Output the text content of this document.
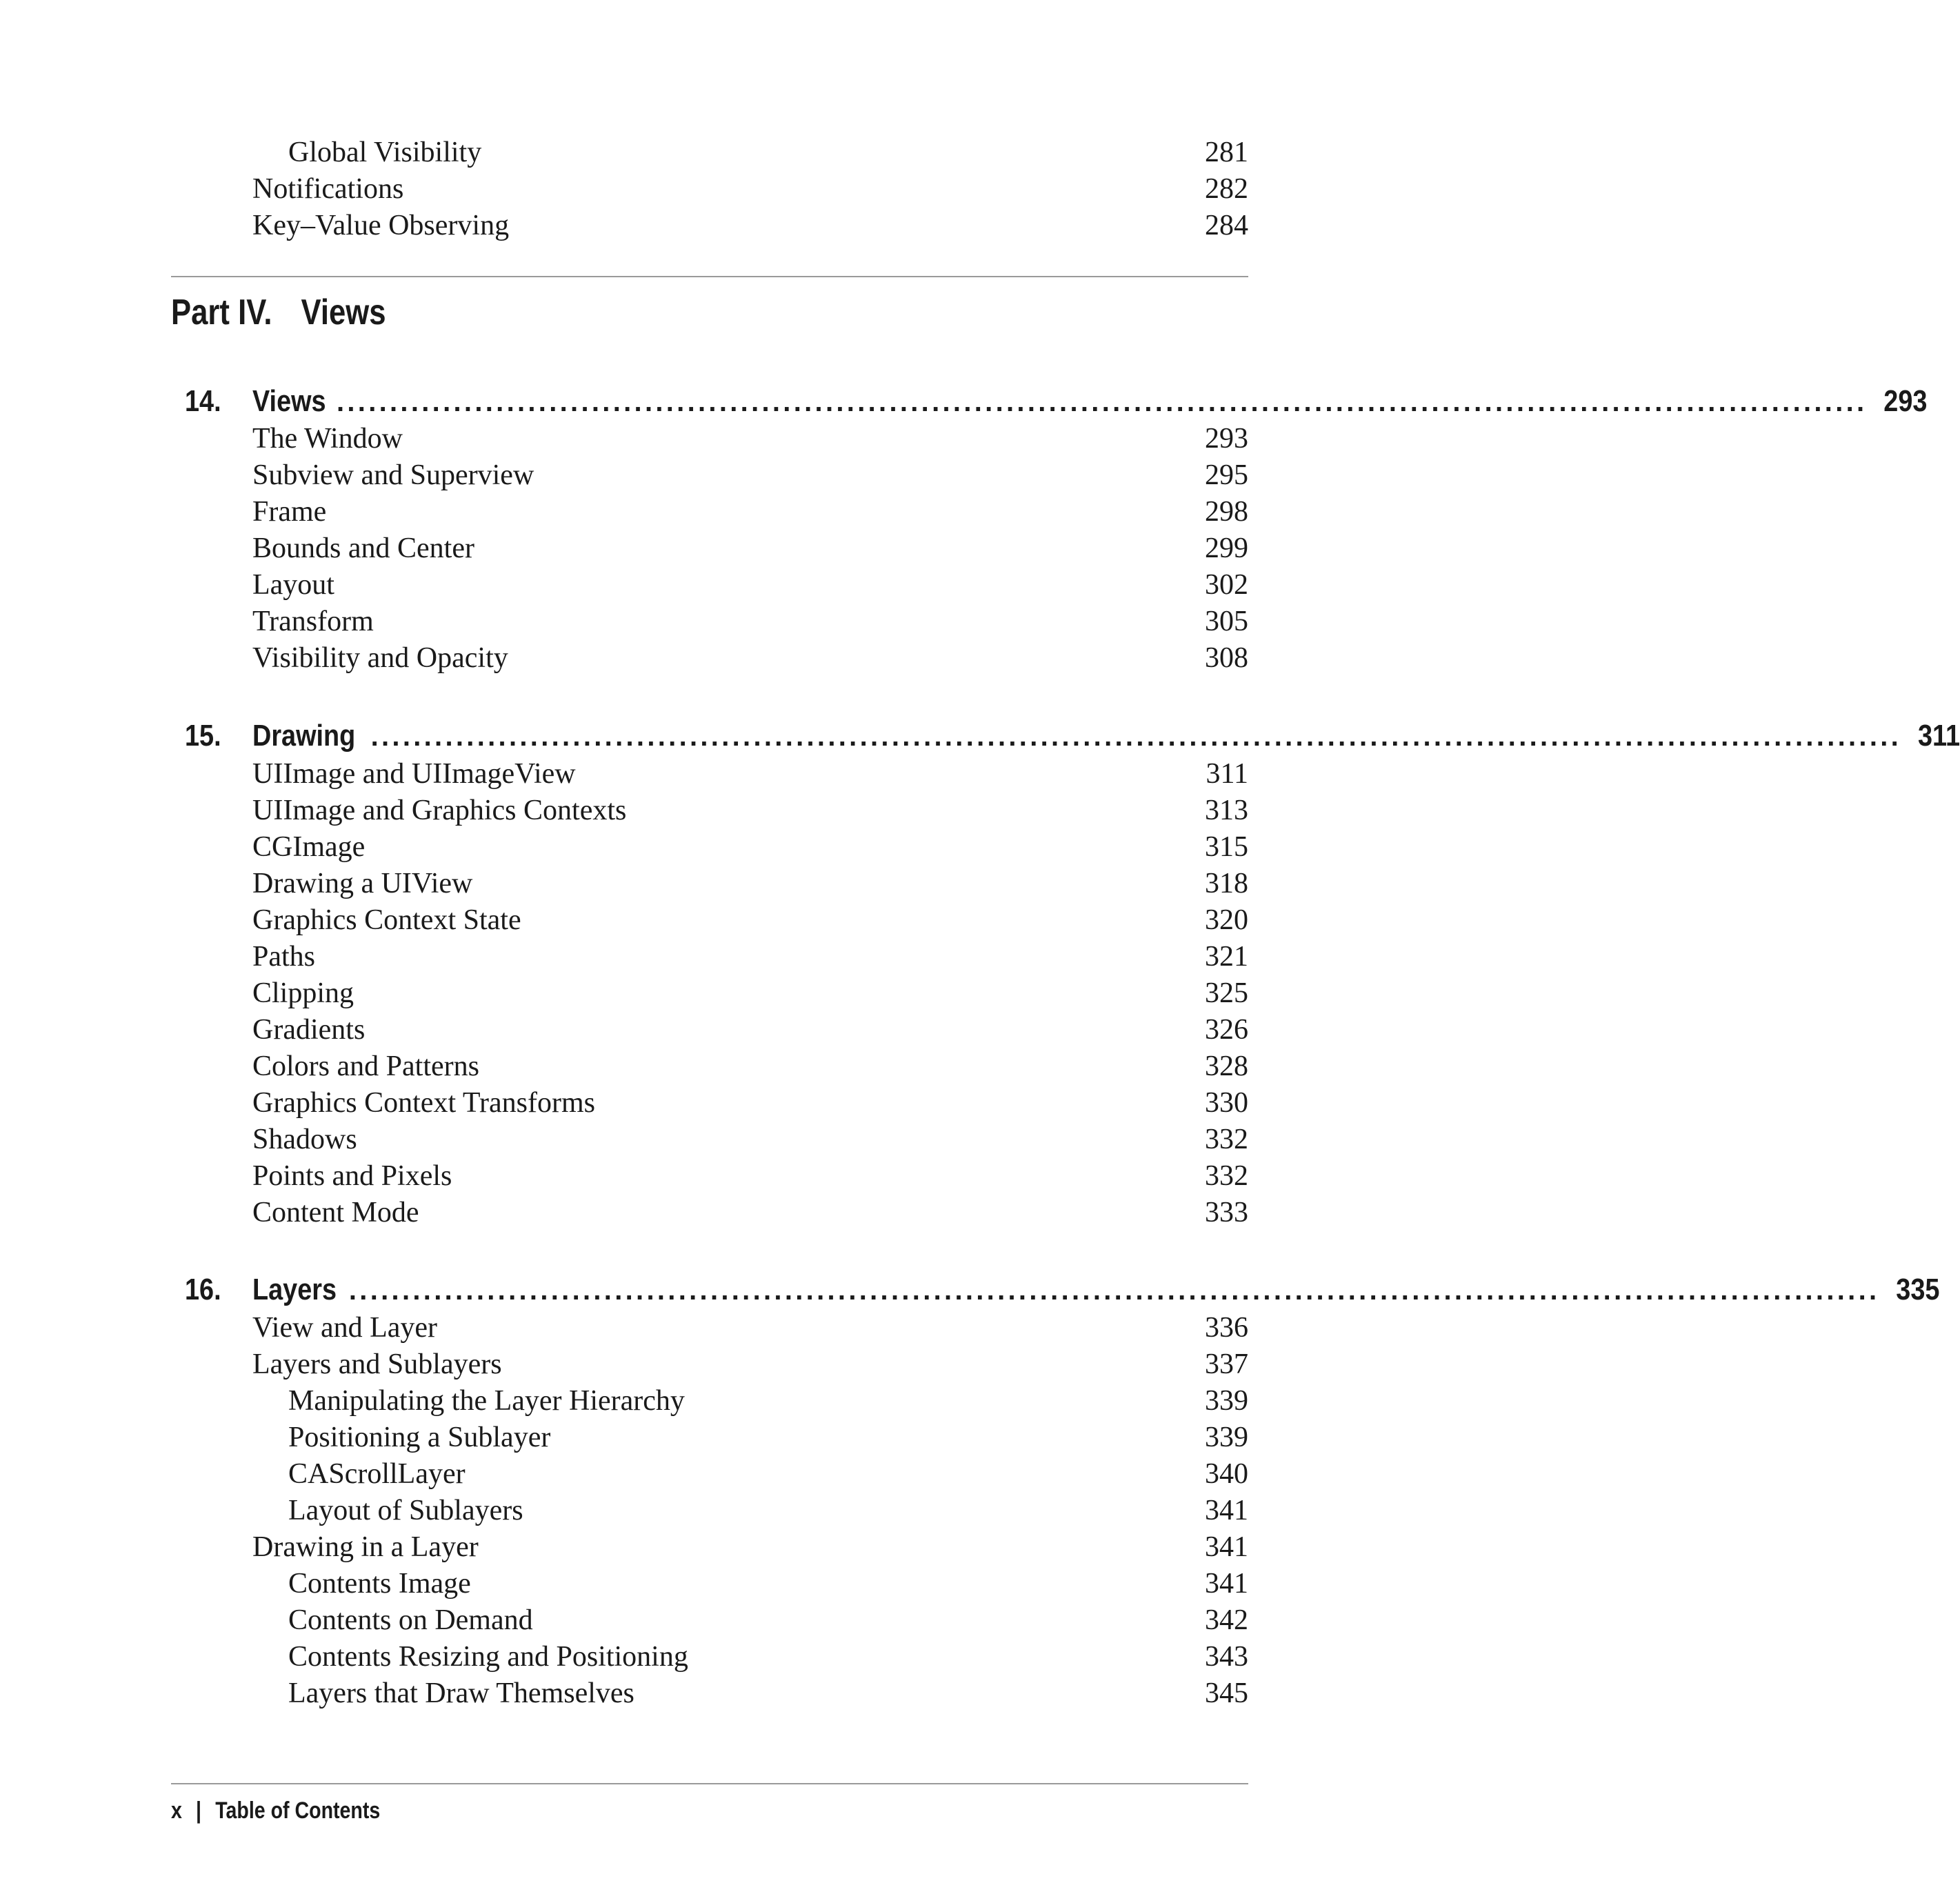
Global Visibility	281
Notifications	282
Key–Value Observing	284
Part IV. Views
14. Views ................................................................................................................................................ 293
The Window	293
Subview and Superview	295
Frame	298
Bounds and Center	299
Layout	302
Transform	305
Visibility and Opacity	308
15. Drawing ................................................................................................................................................ 311
UIImage and UIImageView	311
UIImage and Graphics Contexts	313
CGImage	315
Drawing a UIView	318
Graphics Context State	320
Paths	321
Clipping	325
Gradients	326
Colors and Patterns	328
Graphics Context Transforms	330
Shadows	332
Points and Pixels	332
Content Mode	333
16. Layers ................................................................................................................................................ 335
View and Layer	336
Layers and Sublayers	337
Manipulating the Layer Hierarchy	339
Positioning a Sublayer	339
CAScrollLayer	340
Layout of Sublayers	341
Drawing in a Layer	341
Contents Image	341
Contents on Demand	342
Contents Resizing and Positioning	343
Layers that Draw Themselves	345
x | Table of Contents
